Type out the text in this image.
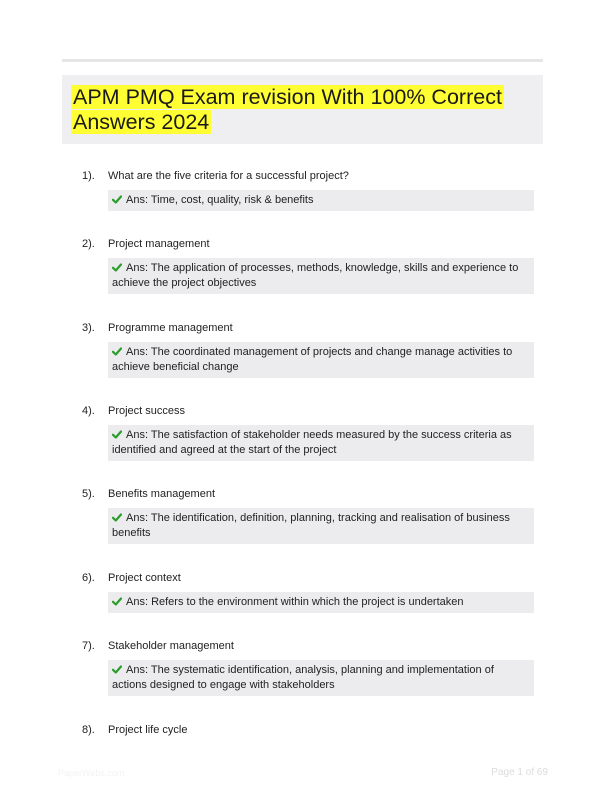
APM PMQ Exam revision With 100% Correct Answers 2024
1). What are the five criteria for a successful project?
Ans: Time, cost, quality, risk & benefits
2). Project management
Ans: The application of processes, methods, knowledge, skills and experience to achieve the project objectives
3). Programme management
Ans: The coordinated management of projects and change manage activities to achieve beneficial change
4). Project success
Ans: The satisfaction of stakeholder needs measured by the success criteria as identified and agreed at the start of the project
5). Benefits management
Ans: The identification, definition, planning, tracking and realisation of business benefits
6). Project context
Ans: Refers to the environment within which the project is undertaken
7). Stakeholder management
Ans: The systematic identification, analysis, planning and implementation of actions designed to engage with stakeholders
8). Project life cycle
PaperWebs.com	Page 1 of 69
